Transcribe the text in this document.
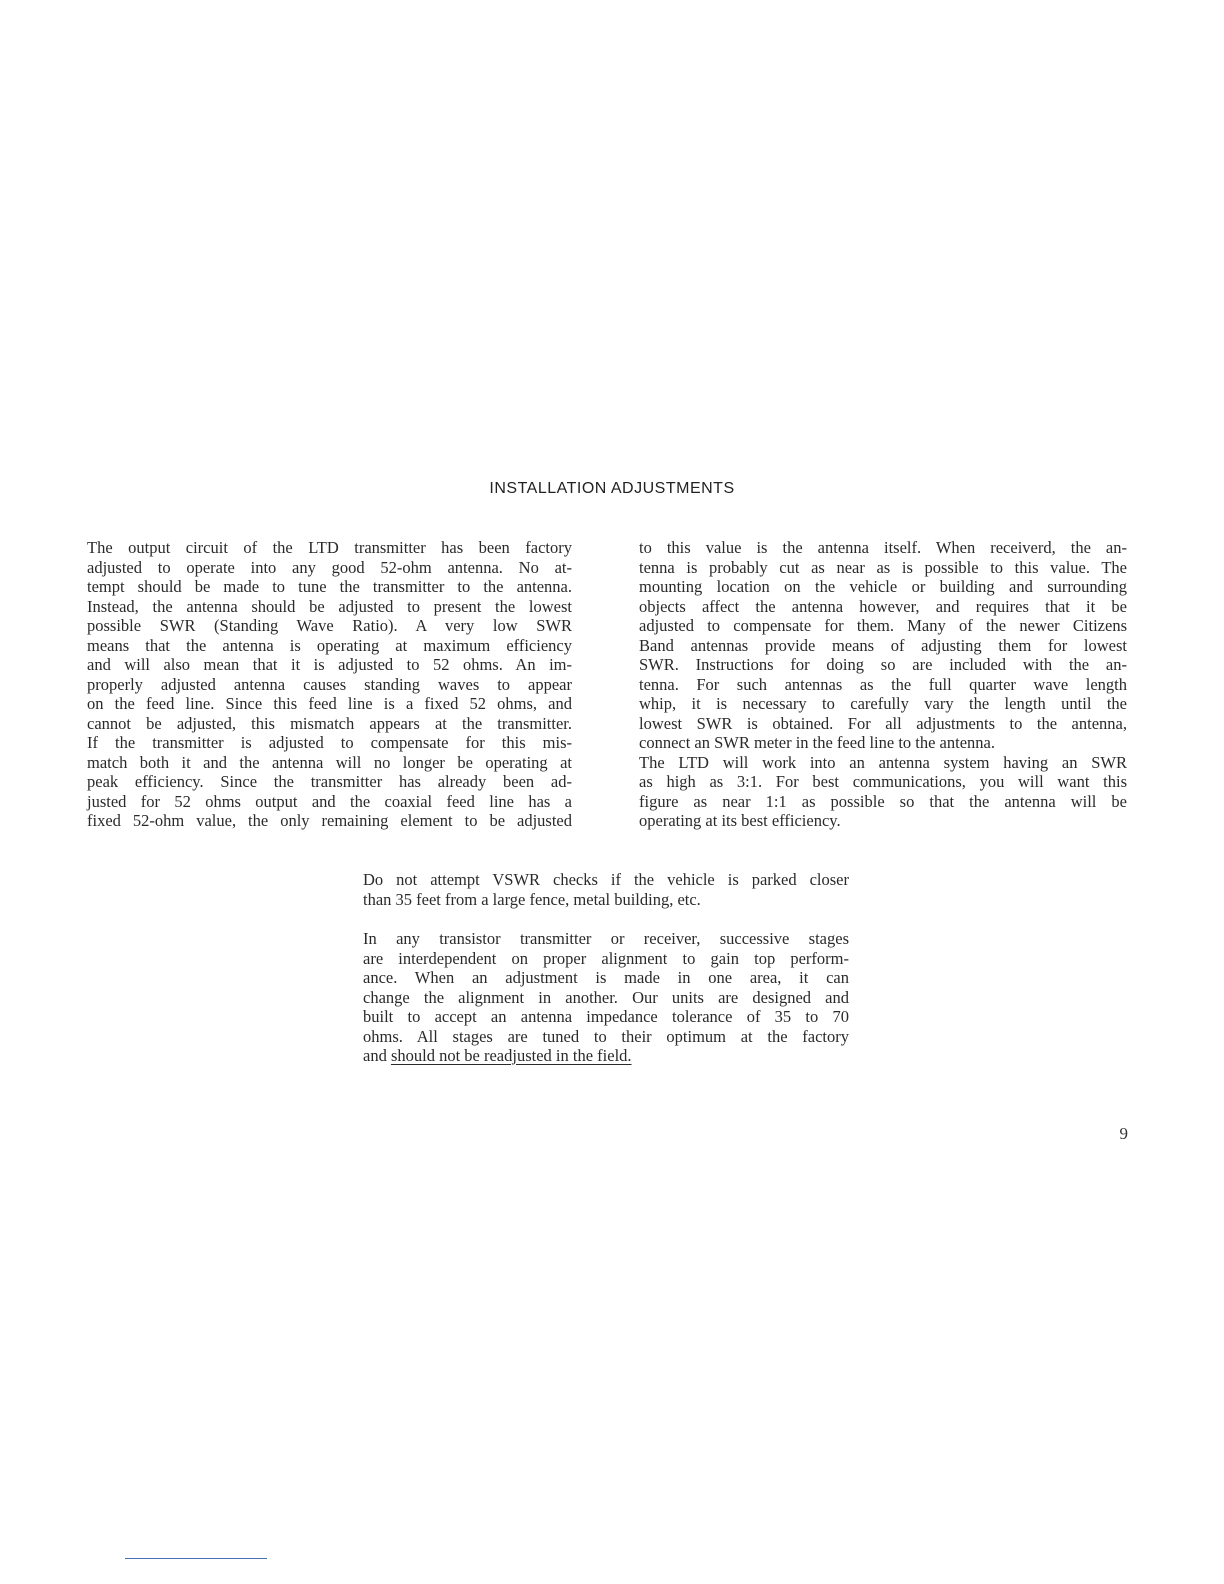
INSTALLATION ADJUSTMENTS
The output circuit of the LTD transmitter has been factory
adjusted to operate into any good 52-ohm antenna. No at-
tempt should be made to tune the transmitter to the antenna.
Instead, the antenna should be adjusted to present the lowest
possible SWR (Standing Wave Ratio). A very low SWR
means that the antenna is operating at maximum efficiency
and will also mean that it is adjusted to 52 ohms. An im-
properly adjusted antenna causes standing waves to appear
on the feed line. Since this feed line is a fixed 52 ohms, and
cannot be adjusted, this mismatch appears at the transmitter.
If the transmitter is adjusted to compensate for this mis-
match both it and the antenna will no longer be operating at
peak efficiency. Since the transmitter has already been ad-
justed for 52 ohms output and the coaxial feed line has a
fixed 52-ohm value, the only remaining element to be adjusted
to this value is the antenna itself. When receiverd, the an-
tenna is probably cut as near as is possible to this value. The
mounting location on the vehicle or building and surrounding
objects affect the antenna however, and requires that it be
adjusted to compensate for them. Many of the newer Citizens
Band antennas provide means of adjusting them for lowest
SWR. Instructions for doing so are included with the an-
tenna. For such antennas as the full quarter wave length
whip, it is necessary to carefully vary the length until the
lowest SWR is obtained. For all adjustments to the antenna,
connect an SWR meter in the feed line to the antenna.
The LTD will work into an antenna system having an SWR
as high as 3:1. For best communications, you will want this
figure as near 1:1 as possible so that the antenna will be
operating at its best efficiency.
Do not attempt VSWR checks if the vehicle is parked closer
than 35 feet from a large fence, metal building, etc.
In any transistor transmitter or receiver, successive stages
are interdependent on proper alignment to gain top perform-
ance. When an adjustment is made in one area, it can
change the alignment in another. Our units are designed and
built to accept an antenna impedance tolerance of 35 to 70
ohms. All stages are tuned to their optimum at the factory
and should not be readjusted in the field.
9
